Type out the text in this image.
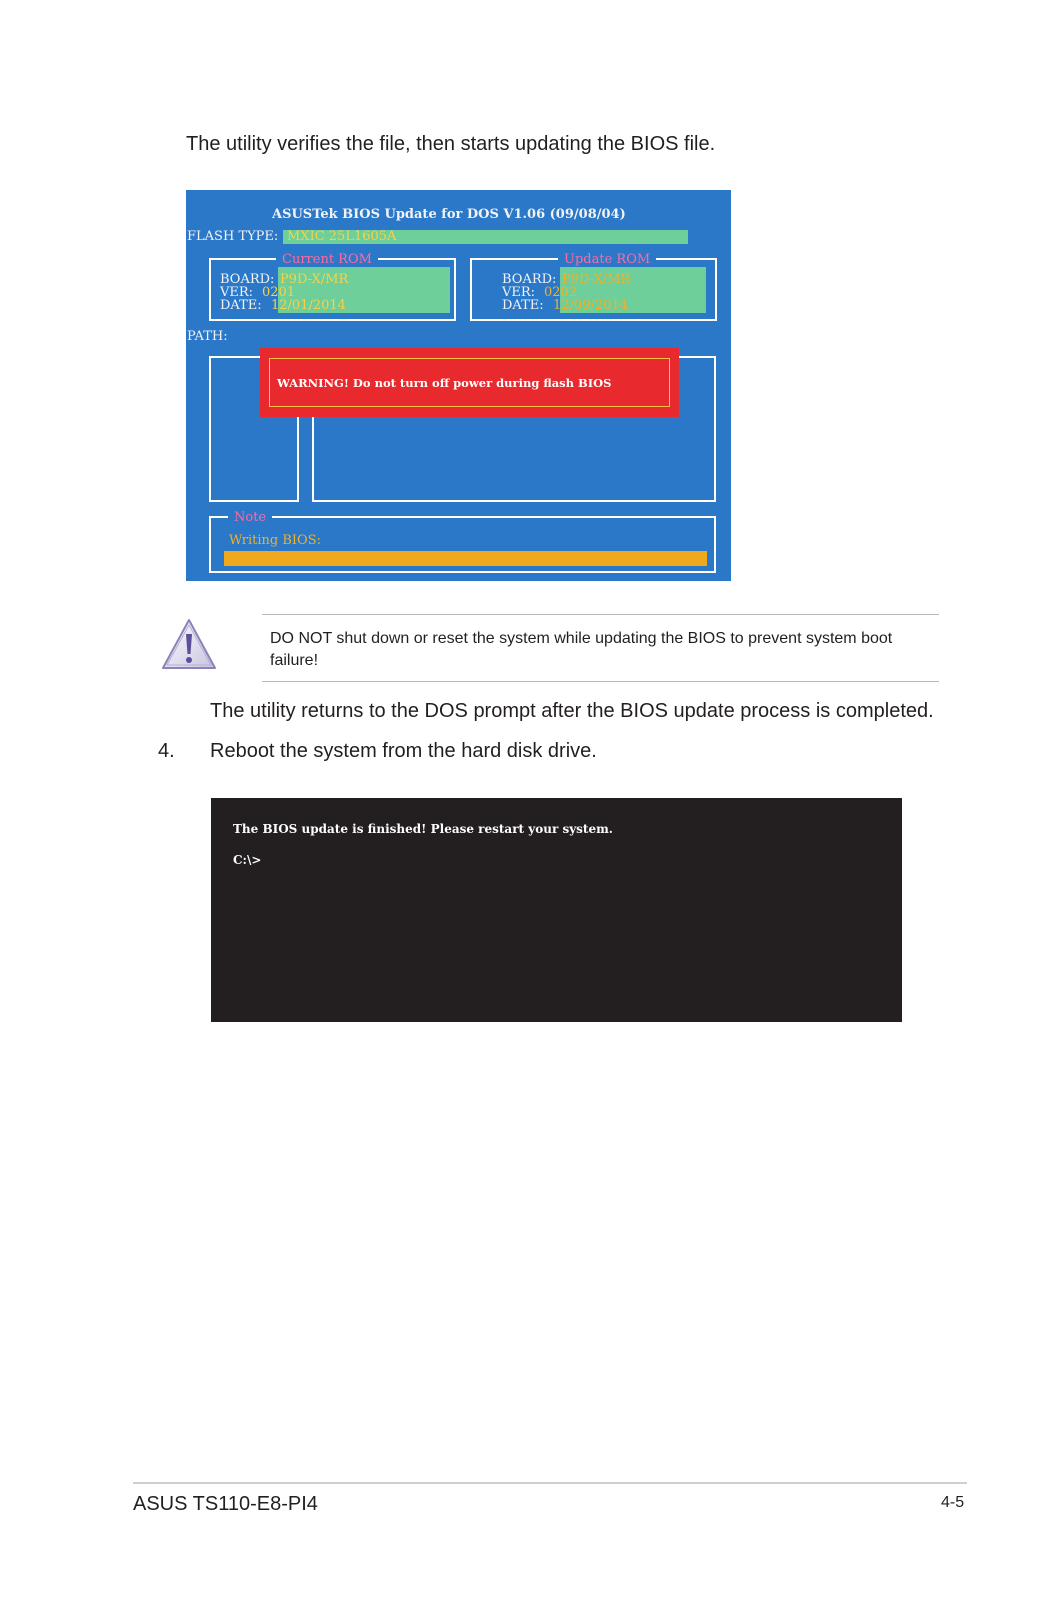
The utility verifies the file, then starts updating the BIOS file.
ASUSTek BIOS Update for DOS V1.06 (09/08/04)
FLASH TYPE: MXIC 25L1605A
Current ROM
BOARD: P9D-X/MR
VER: 0201
DATE: 12/01/2014
Update ROM
BOARD: P9D-X/MR
VER: 0202
DATE: 12/09/2014
PATH:
WARNING! Do not turn off power during flash BIOS
Note
Writing BIOS:
DO NOT shut down or reset the system while updating the BIOS to prevent system boot failure!
The utility returns to the DOS prompt after the BIOS update process is completed.
4. Reboot the system from the hard disk drive.
The BIOS update is finished! Please restart your system.
C:\>
ASUS TS110-E8-PI4	4-5
